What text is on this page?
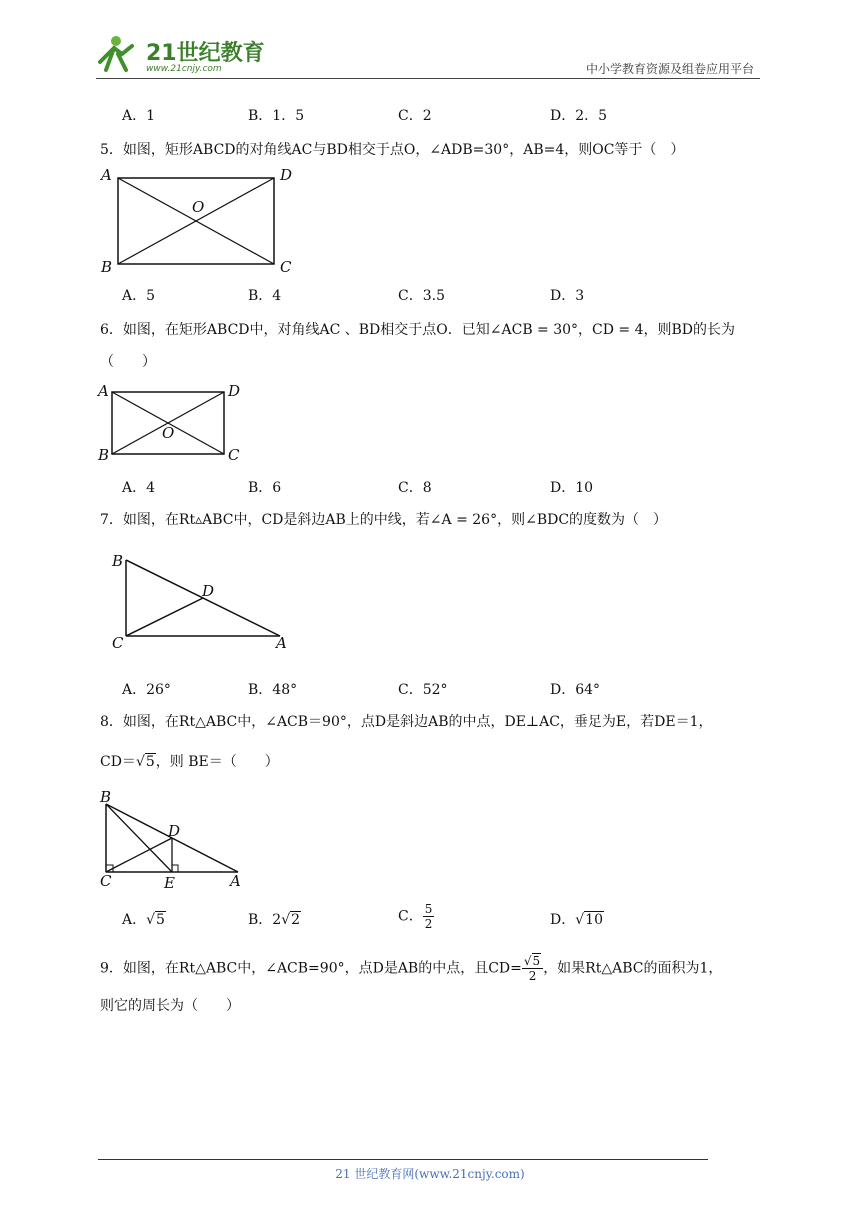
21世纪教育
www.21cnjy.com	中小学教育资源及组卷应用平台
A．1	B．1．5	C．2	D．2．5
5．如图，矩形ABCD的对角线AC与BD相交于点O，∠ADB=30°，AB=4，则OC等于（　）
A	D
O
B	C
A．5	B．4	C．3.5	D．3
6．如图，在矩形ABCD中，对角线AC 、BD相交于点O．已知∠ACB = 30°，CD = 4，则BD的长为
（　　）
A	D
O
B	C
A．4	B．6	C．8	D．10
7．如图，在Rt▵ABC中，CD是斜边AB上的中线，若∠A = 26°，则∠BDC的度数为（　）
B
D
C	A
A．26°	B．48°	C．52°	D．64°
8．如图，在Rt△ABC中，∠ACB＝90°，点D是斜边AB的中点，DE⊥AC，垂足为E，若DE＝1，
CD＝√5，则 BE＝（　　）
B
D
C	E	A
A．√5	B．2√2	C． $\frac{5}{2}$	D．√10
9．如图，在Rt△ABC中，∠ACB=90°，点D是AB的中点，且$CD= \frac{√5}{2}$ ，如果Rt△ABC的面积为1，
则它的周长为（　　）
21 世纪教育网(www.21cnjy.com)
